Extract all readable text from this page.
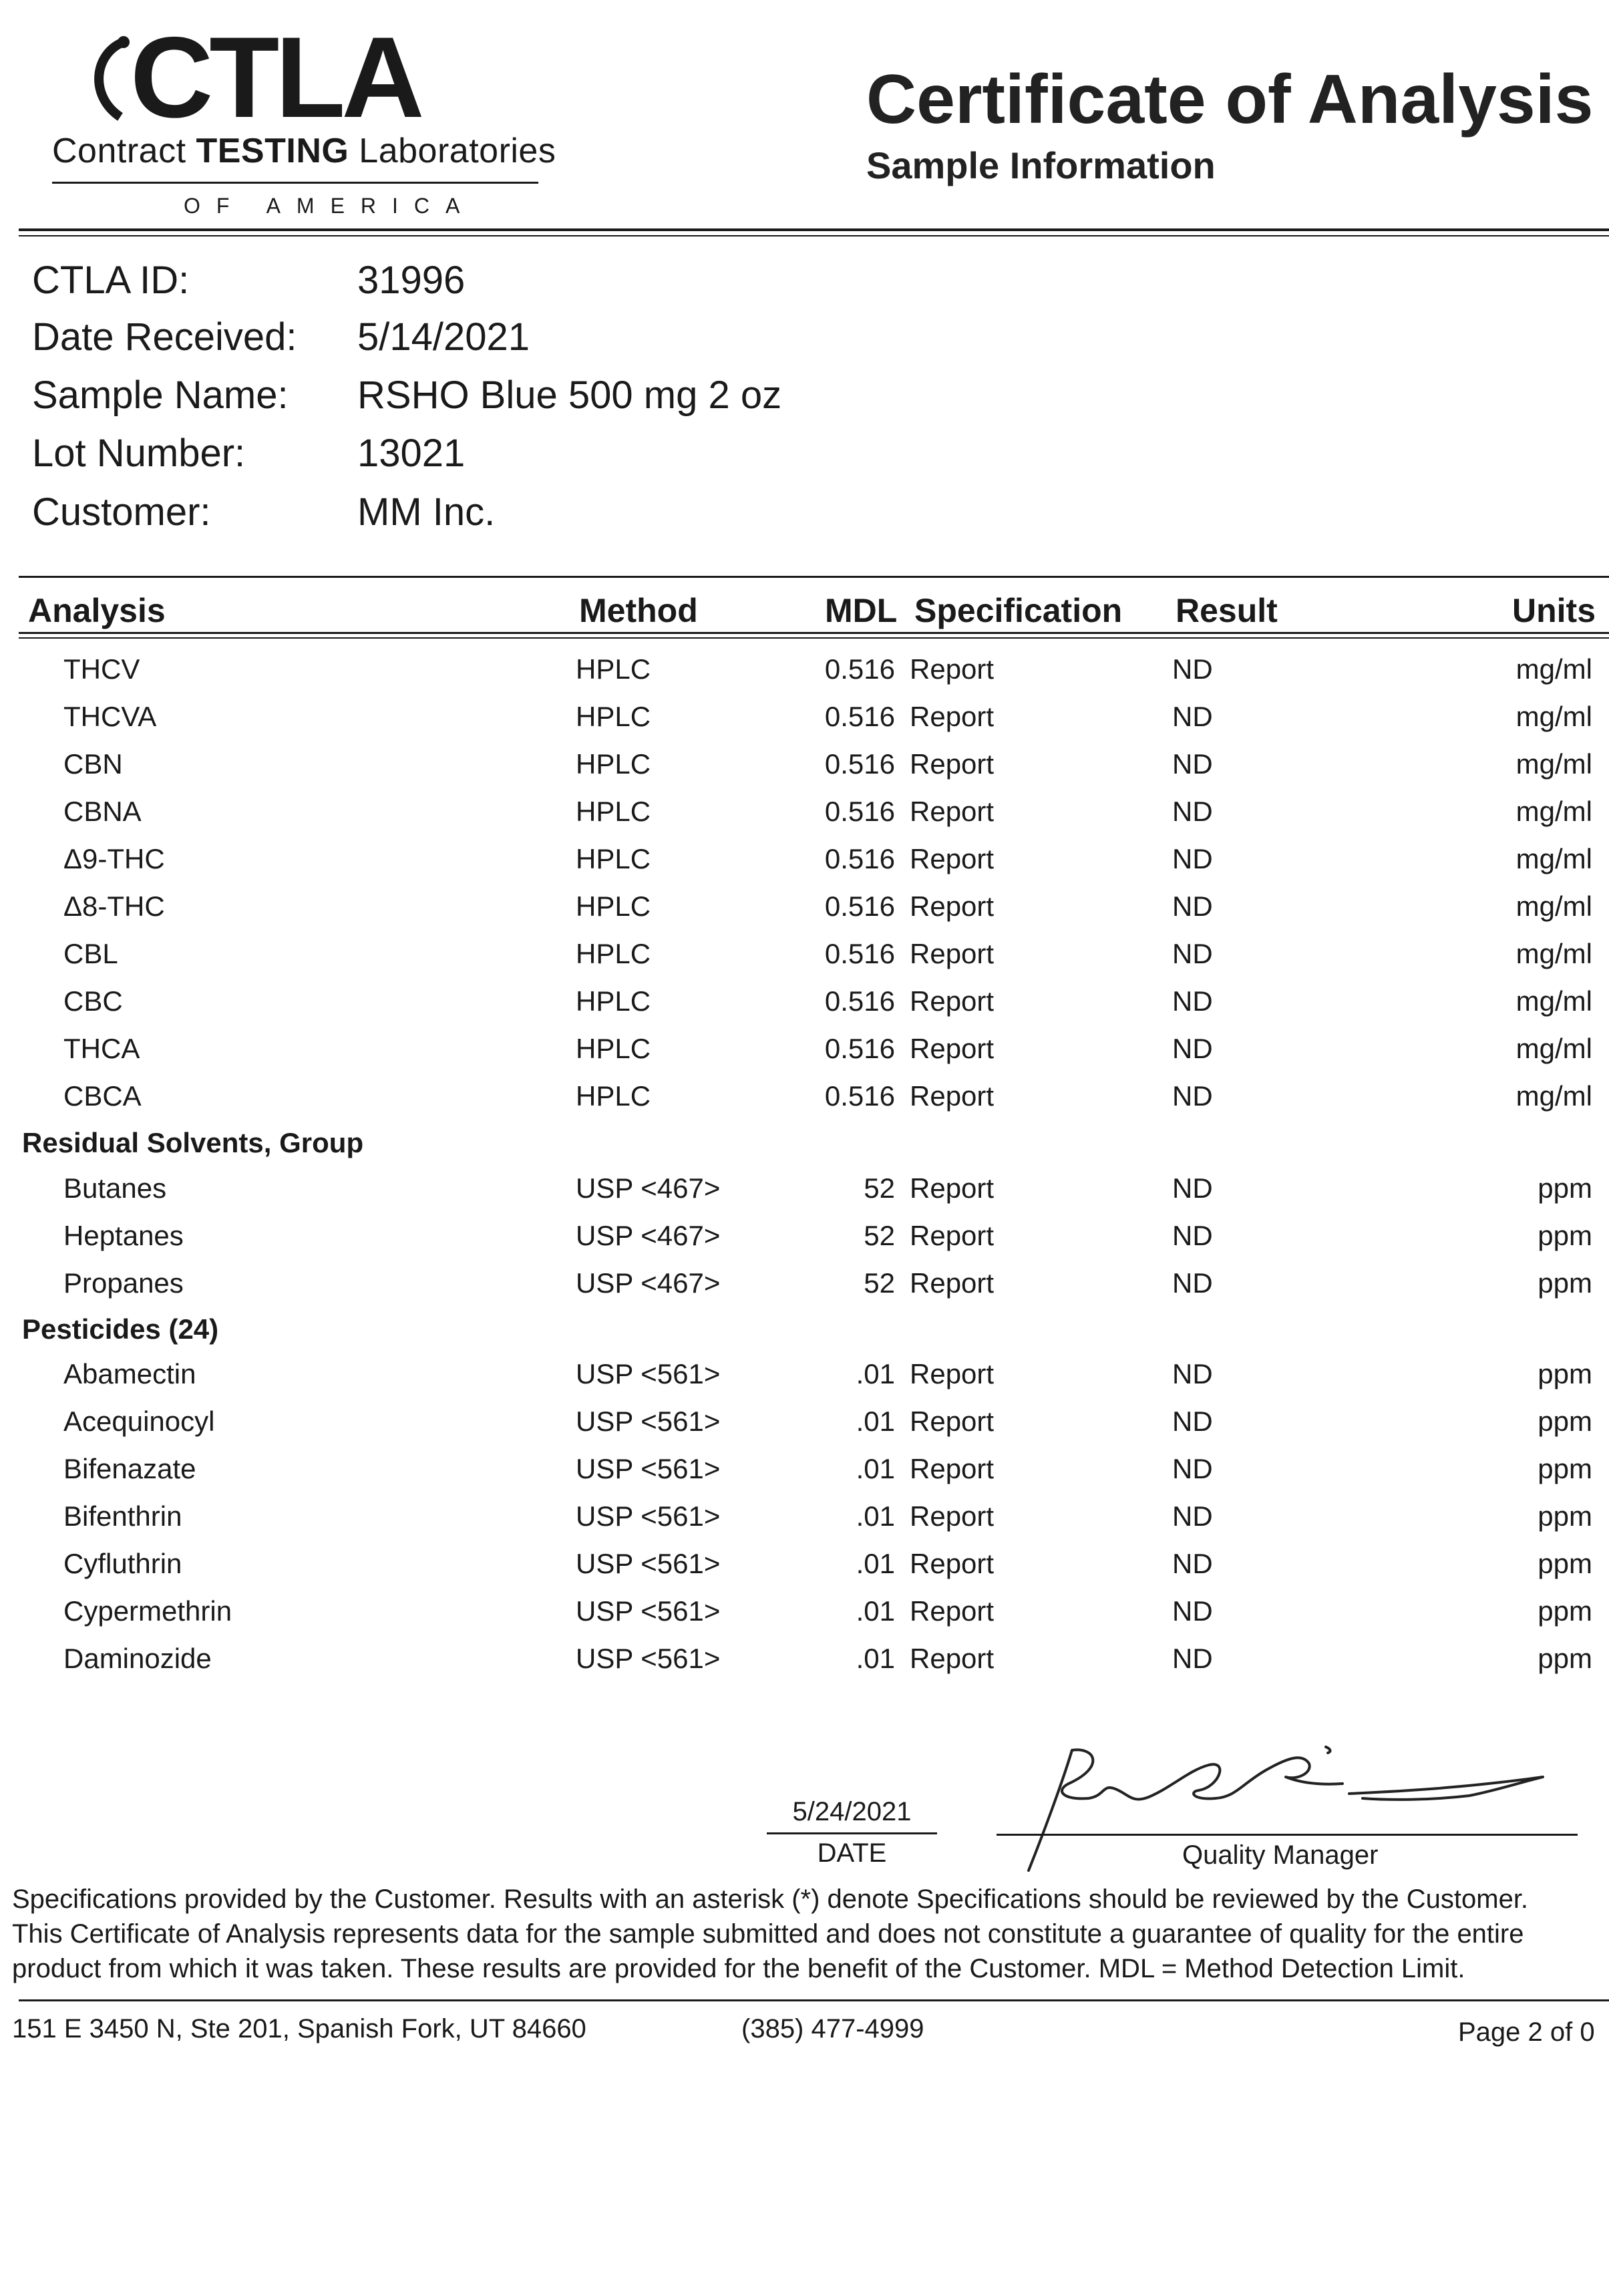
CTLA
Contract TESTING Laboratories
OF AMERICA
Certificate of Analysis
Sample Information
CTLA ID:	31996
Date Received: 5/14/2021
Sample Name: RSHO Blue 500 mg 2 oz
Lot Number:	13021
Customer:	MM Inc.
Analysis	Method	MDL Specification Result	Units
THCV	HPLC	0.516 Report	ND	mg/ml
THCVA	HPLC	0.516 Report	ND	mg/ml
CBN	HPLC	0.516 Report	ND	mg/ml
CBNA	HPLC	0.516 Report	ND	mg/ml
Δ9-THC	HPLC	0.516 Report	ND	mg/ml
Δ8-THC	HPLC	0.516 Report	ND	mg/ml
CBL	HPLC	0.516 Report	ND	mg/ml
CBC	HPLC	0.516 Report	ND	mg/ml
THCA	HPLC	0.516 Report	ND	mg/ml
CBCA	HPLC	0.516 Report	ND	mg/ml
Residual Solvents, Group
Butanes	USP <467>	52 Report	ND	ppm
Heptanes	USP <467>	52 Report	ND	ppm
Propanes	USP <467>	52 Report	ND	ppm
Pesticides (24)
Abamectin	USP <561>	.01 Report	ND	ppm
Acequinocyl	USP <561>	.01 Report	ND	ppm
Bifenazate	USP <561>	.01 Report	ND	ppm
Bifenthrin	USP <561>	.01 Report	ND	ppm
Cyfluthrin	USP <561>	.01 Report	ND	ppm
Cypermethrin	USP <561>	.01 Report	ND	ppm
Daminozide	USP <561>	.01 Report	ND	ppm
5/24/2021
DATE	Quality Manager
Specifications provided by the Customer. Results with an asterisk (*) denote Specifications should be reviewed by the Customer.
This Certificate of Analysis represents data for the sample submitted and does not constitute a guarantee of quality for the entire
product from which it was taken. These results are provided for the benefit of the Customer. MDL = Method Detection Limit.
151 E 3450 N, Ste 201, Spanish Fork, UT 84660	(385) 477-4999	Page 2 of 0
